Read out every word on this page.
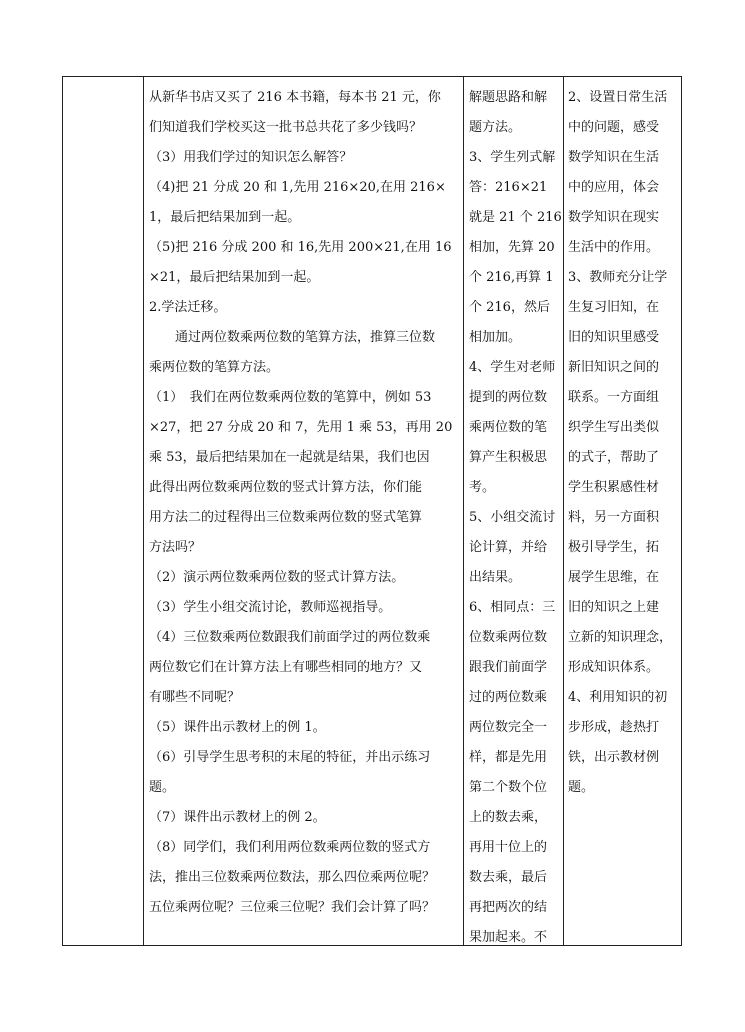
从新华书店又买了 216 本书籍，每本书 21 元，你

们知道我们学校买这一批书总共花了多少钱吗？

（3）用我们学过的知识怎么解答？

（4)把 21 分成 20 和 1,先用 216×20,在用 216×

1，最后把结果加到一起。

（5)把 216 分成 200 和 16,先用 200×21,在用 16

×21，最后把结果加到一起。

2.学法迁移。

　　通过两位数乘两位数的笔算方法，推算三位数

乘两位数的笔算方法。

（1）　我们在两位数乘两位数的笔算中，例如 53

×27，把 27 分成 20 和 7，先用 1 乘 53，再用 20

乘 53，最后把结果加在一起就是结果，我们也因

此得出两位数乘两位数的竖式计算方法，你们能

用方法二的过程得出三位数乘两位数的竖式笔算

方法吗？

（2）演示两位数乘两位数的竖式计算方法。

（3）学生小组交流讨论，教师巡视指导。

（4）三位数乘两位数跟我们前面学过的两位数乘

两位数它们在计算方法上有哪些相同的地方？又

有哪些不同呢？

（5）课件出示教材上的例 1。

（6）引导学生思考积的末尾的特征，并出示练习

题。

（7）课件出示教材上的例 2。

（8）同学们，我们利用两位数乘两位数的竖式方

法，推出三位数乘两位数法，那么四位乘两位呢？

五位乘两位呢？三位乘三位呢？我们会计算了吗？

解题思路和解

题方法。

3、学生列式解

答：216×21

就是 21 个 216

相加，先算 20

个 216,再算 1

个 216，然后

相加加。

4、学生对老师

提到的两位数

乘两位数的笔

算产生积极思

考。

5、小组交流讨

论计算，并给

出结果。

6、相同点：三

位数乘两位数

跟我们前面学

过的两位数乘

两位数完全一

样，都是先用

第二个数个位

上的数去乘，

再用十位上的

数去乘，最后

再把两次的结

果加起来。不

2、设置日常生活

中的问题，感受

数学知识在生活

中的应用，体会

数学知识在现实

生活中的作用。

3、教师充分让学

生复习旧知，在

旧的知识里感受

新旧知识之间的

联系。一方面组

织学生写出类似

的式子，帮助了

学生积累感性材

料，另一方面积

极引导学生，拓

展学生思维，在

旧的知识之上建

立新的知识理念，

形成知识体系。

4、利用知识的初

步形成，趁热打

铁，出示教材例

题。
